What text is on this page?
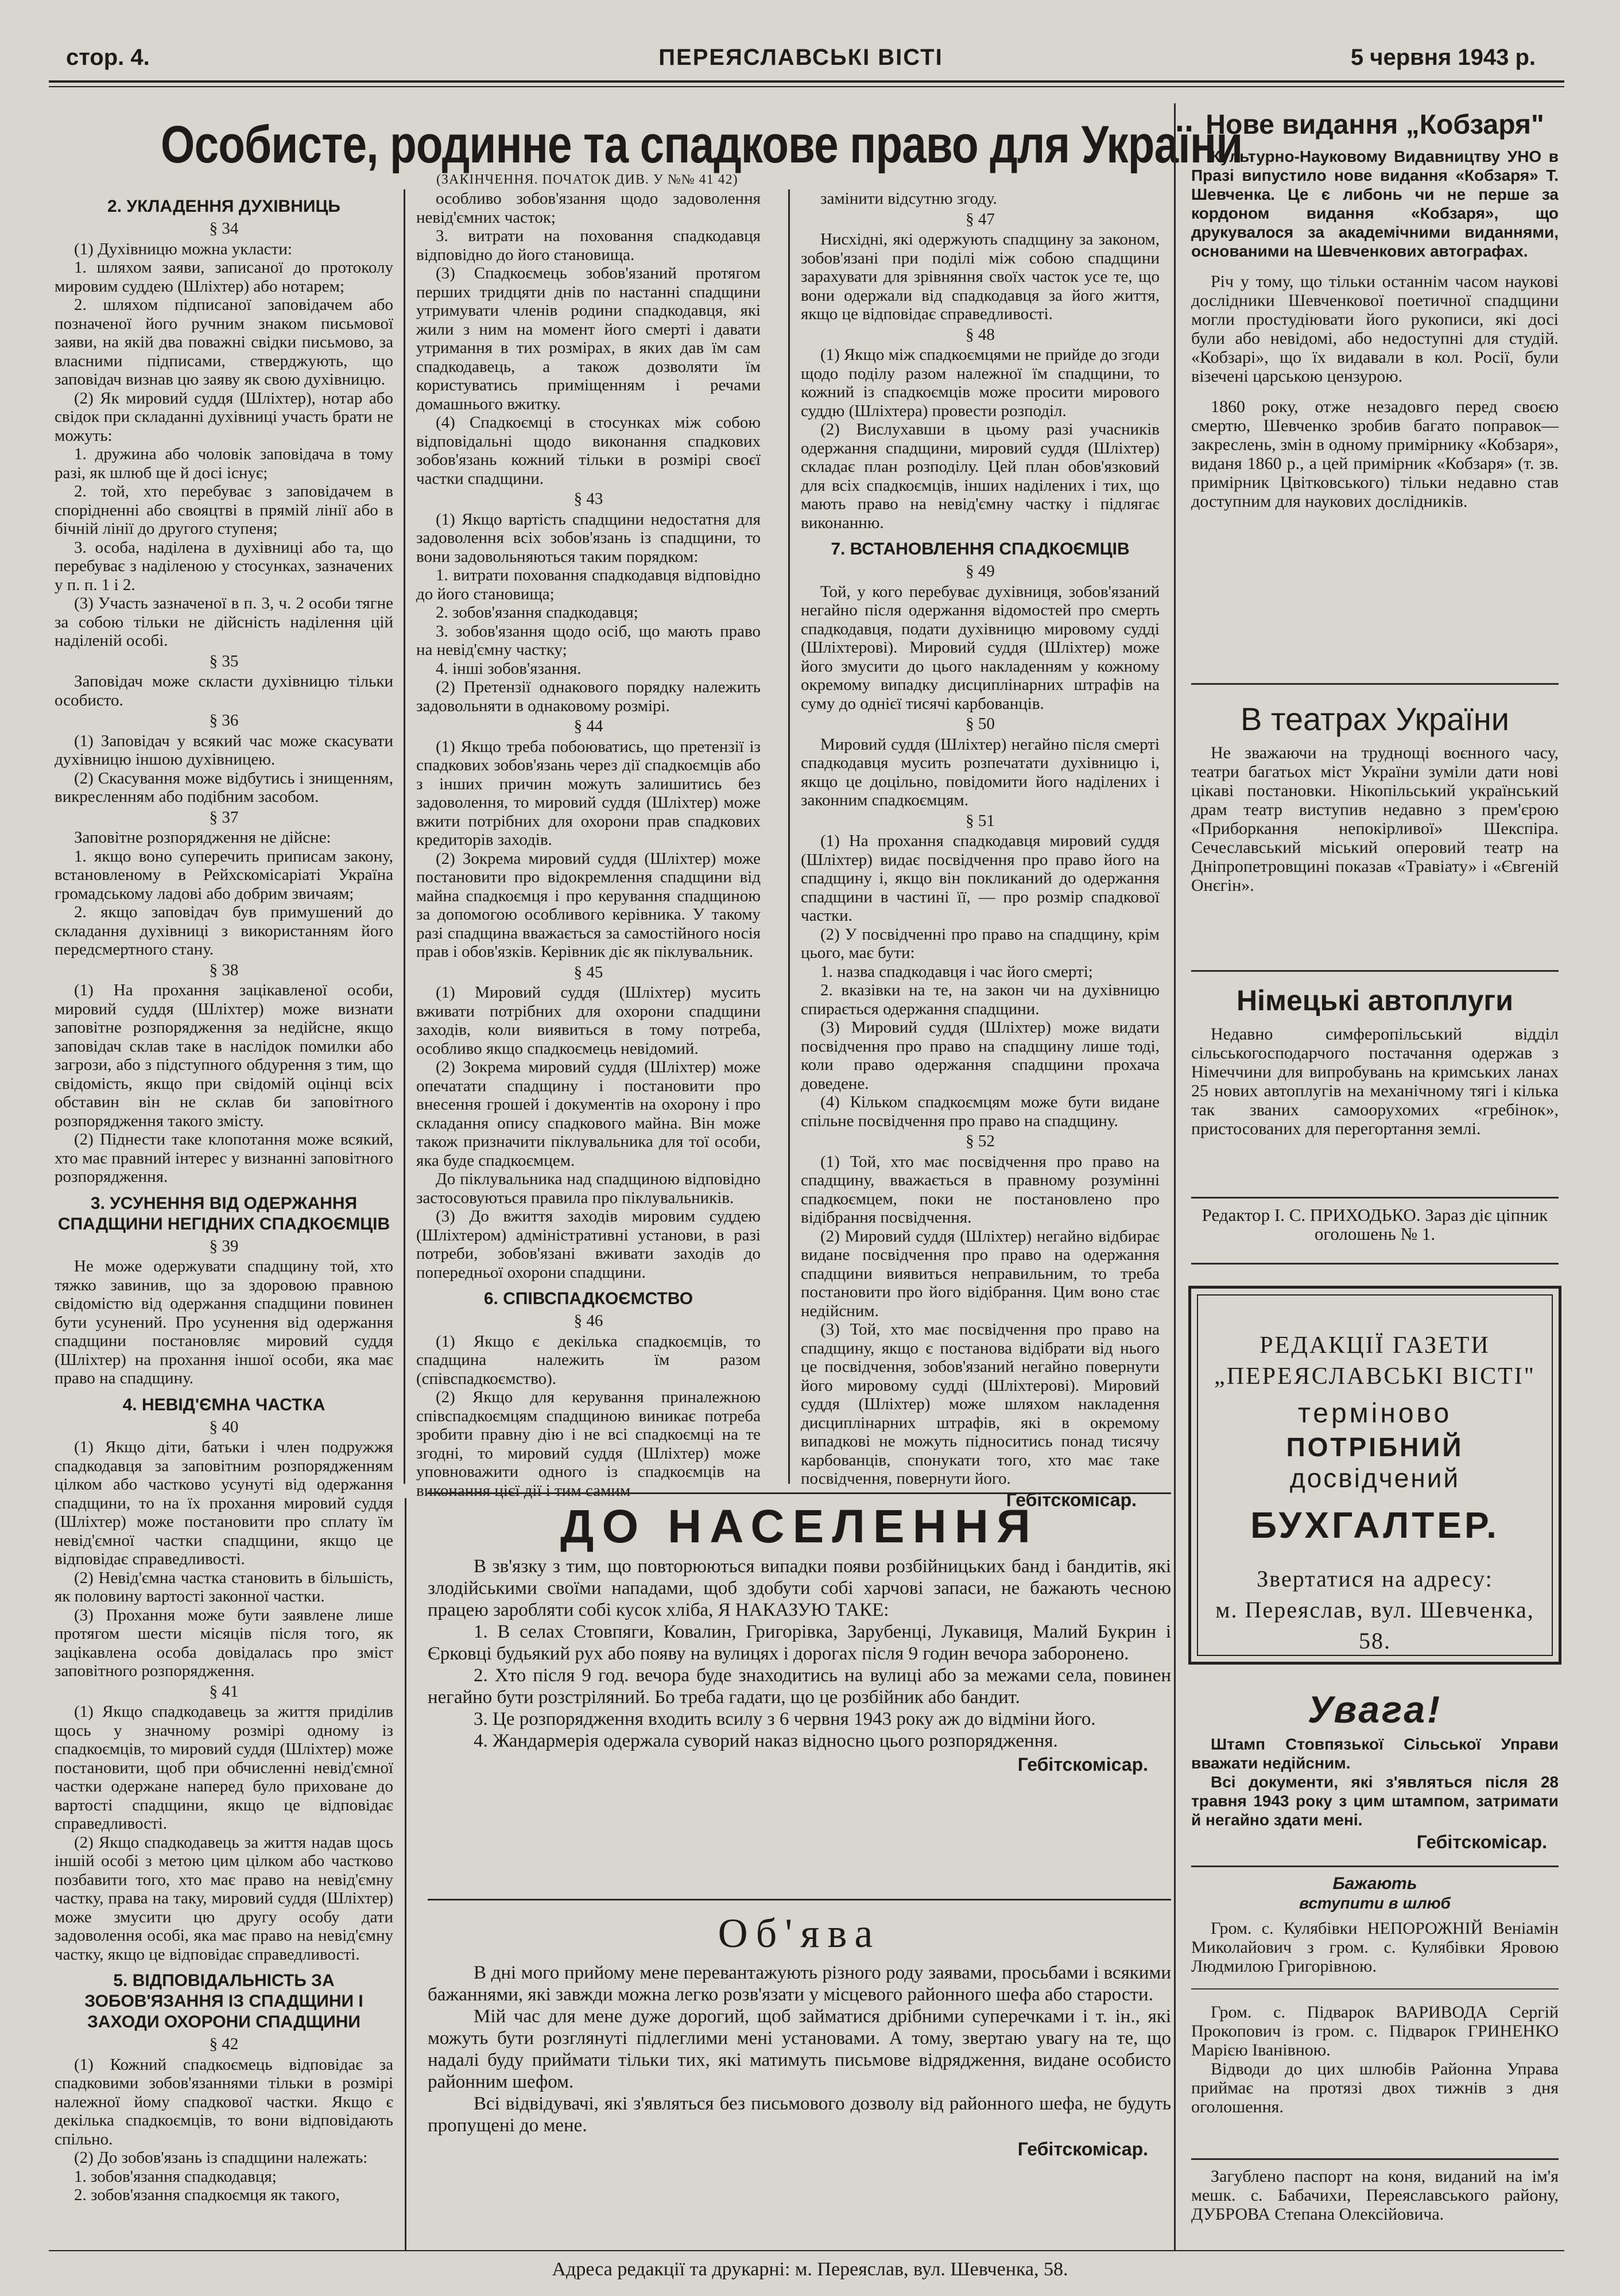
стор. 4.	ПЕРЕЯСЛАВСЬКІ ВІСТІ	5 червня 1943 р.
Особисте, родинне та спадкове право для України
(ЗАКІНЧЕННЯ. ПОЧАТОК ДИВ. У №№ 41 42)
2. УКЛАДЕННЯ ДУХІВНИЦЬ

§ 34

(1) Духівницю можна укласти:

1. шляхом заяви, записаної до протоколу мировим суддею (Шліхтер) або нотарем;

2. шляхом підписаної заповідачем або позначеної його ручним знаком письмової заяви, на якій два поважні свідки письмово, за власними підписами, стверджують, що заповідач визнав цю заяву як свою духівницю.

(2) Як мировий суддя (Шліхтер), нотар або свідок при складанні духівниці участь брати не можуть:

1. дружина або чоловік заповідача в тому разі, як шлюб ще й досі існує;

2. той, хто перебуває з заповідачем в спорідненні або свояцтві в прямій лінії або в бічній лінії до другого ступеня;

3. особа, наділена в духівниці або та, що перебуває з наділеною у стосунках, зазначених у п. п. 1 і 2.

(3) Участь зазначеної в п. 3, ч. 2 особи тягне за собою тільки не дійсність наділення цій наділеній особі.

§ 35

Заповідач може скласти духівницю тільки особисто.

§ 36

(1) Заповідач у всякий час може скасувати духівницю іншою духівницею.

(2) Скасування може відбутись і знищенням, викресленням або подібним засобом.

§ 37

Заповітне розпорядження не дійсне:

1. якщо воно суперечить приписам закону, встановленому в Рейхскомісаріаті Україна громадському ладові або добрим звичаям;

2. якщо заповідач був примушений до складання духівниці з використанням його передсмертного стану.

§ 38

(1) На прохання зацікавленої особи, мировий суддя (Шліхтер) може визнати заповітне розпорядження за недійсне, якщо заповідач склав таке в наслідок помилки або загрози, або з підступного обдурення з тим, що свідомість, якщо при свідомій оцінці всіх обставин він не склав би заповітного розпорядження такого змісту.

(2) Піднести таке клопотання може всякий, хто має правний інтерес у визнанні заповітного розпорядження.

3. УСУНЕННЯ ВІД ОДЕРЖАННЯ СПАДЩИНИ НЕГІДНИХ СПАДКОЄМЦІВ

§ 39

Не може одержувати спадщину той, хто тяжко завинив, що за здоровою правною свідомістю від одержання спадщини повинен бути усунений. Про усунення від одержання спадщини постановляє мировий суддя (Шліхтер) на прохання іншої особи, яка має право на спадщину.

4. НЕВІД'ЄМНА ЧАСТКА

§ 40

(1) Якщо діти, батьки і член подружжя спадкодавця за заповітним розпорядженням цілком або частково усунуті від одержання спадщини, то на їх прохання мировий суддя (Шліхтер) може постановити про сплату їм невід'ємної частки спадщини, якщо це відповідає справедливості.

(2) Невід'ємна частка становить в більшість, як половину вартості законної частки.

(3) Прохання може бути заявлене лише протягом шести місяців після того, як зацікавлена особа довідалась про зміст заповітного розпорядження.

§ 41

(1) Якщо спадкодавець за життя приділив щось у значному розмірі одному із спадкоємців, то мировий суддя (Шліхтер) може постановити, щоб при обчисленні невід'ємної частки одержане наперед було приховане до вартості спадщини, якщо це відповідає справедливості.

(2) Якщо спадкодавець за життя надав щось іншій особі з метою цим цілком або частково позбавити того, хто має право на невід'ємну частку, права на таку, мировий суддя (Шліхтер) може змусити цю другу особу дати задоволення особі, яка має право на невід'ємну частку, якщо це відповідає справедливості.

5. ВІДПОВІДАЛЬНІСТЬ ЗА ЗОБОВ'ЯЗАННЯ ІЗ СПАДЩИНИ І ЗАХОДИ ОХОРОНИ СПАДЩИНИ

§ 42

(1) Кожний спадкоємець відповідає за спадковими зобов'язаннями тільки в розмірі належної йому спадкової частки. Якщо є декілька спадкоємців, то вони відповідають спільно.

(2) До зобов'язань із спадщини належать:

1. зобов'язання спадкодавця;

2. зобов'язання спадкоємця як такого,

особливо зобов'язання щодо задоволення невід'ємних часток;

3. витрати на поховання спадкодавця відповідно до його становища.

(3) Спадкоємець зобов'язаний протягом перших тридцяти днів по настанні спадщини утримувати членів родини спадкодавця, які жили з ним на момент його смерті і давати утримання в тих розмірах, в яких дав їм сам спадкодавець, а також дозволяти їм користуватись приміщенням і речами домашнього вжитку.

(4) Спадкоємці в стосунках між собою відповідальні щодо виконання спадкових зобов'язань кожний тільки в розмірі своєї частки спадщини.

§ 43

(1) Якщо вартість спадщини недостатня для задоволення всіх зобов'язань із спадщини, то вони задовольняються таким порядком:

1. витрати поховання спадкодавця відповідно до його становища;

2. зобов'язання спадкодавця;

3. зобов'язання щодо осіб, що мають право на невід'ємну частку;

4. інші зобов'язання.

(2) Претензії однакового порядку належить задовольняти в однаковому розмірі.

§ 44

(1) Якщо треба побоюватись, що претензії із спадкових зобов'язань через дії спадкоємців або з інших причин можуть залишитись без задоволення, то мировий суддя (Шліхтер) може вжити потрібних для охорони прав спадкових кредиторів заходів.

(2) Зокрема мировий суддя (Шліхтер) може постановити про відокремлення спадщини від майна спадкоємця і про керування спадщиною за допомогою особливого керівника. У такому разі спадщина вважається за самостійного носія прав і обов'язків. Керівник діє як піклувальник.

§ 45

(1) Мировий суддя (Шліхтер) мусить вживати потрібних для охорони спадщини заходів, коли виявиться в тому потреба, особливо якщо спадкоємець невідомий.

(2) Зокрема мировий суддя (Шліхтер) може опечатати спадщину і постановити про внесення грошей і документів на охорону і про складання опису спадкового майна. Він може також призначити піклувальника для тої особи, яка буде спадкоємцем.

До піклувальника над спадщиною відповідно застосовуються правила про піклувальників.

(3) До вжиття заходів мировим суддею (Шліхтером) адміністративні установи, в разі потреби, зобов'язані вживати заходів до попередньої охорони спадщини.

6. СПІВСПАДКОЄМСТВО

§ 46

(1) Якщо є декілька спадкоємців, то спадщина належить їм разом (співспадкоємство).

(2) Якщо для керування приналежною співспадкоємцям спадщиною виникає потреба зробити правну дію і не всі спадкоємці на те згодні, то мировий суддя (Шліхтер) може уповноважити одного із спадкоємців на виконання цієї дії і тим самим

замінити відсутню згоду.

§ 47

Нисхідні, які одержують спадщину за законом, зобов'язані при поділі між собою спадщини зарахувати для зрівняння своїх часток усе те, що вони одержали від спадкодавця за його життя, якщо це відповідає справедливості.

§ 48

(1) Якщо між спадкоємцями не прийде до згоди щодо поділу разом належної їм спадщини, то кожний із спадкоємців може просити мирового суддю (Шліхтера) провести розподіл.

(2) Вислухавши в цьому разі учасників одержання спадщини, мировий суддя (Шліхтер) складає план розподілу. Цей план обов'язковий для всіх спадкоємців, інших наділених і тих, що мають право на невід'ємну частку і підлягає виконанню.

7. ВСТАНОВЛЕННЯ СПАДКОЄМЦІВ

§ 49

Той, у кого перебуває духівниця, зобов'язаний негайно після одержання відомостей про смерть спадкодавця, подати духівницю мировому судді (Шліхтерові). Мировий суддя (Шліхтер) може його змусити до цього накладенням у кожному окремому випадку дисциплінарних штрафів на суму до однієї тисячі карбованців.

§ 50

Мировий суддя (Шліхтер) негайно після смерті спадкодавця мусить розпечатати духівницю і, якщо це доцільно, повідомити його наділених і законним спадкоємцям.

§ 51

(1) На прохання спадкодавця мировий суддя (Шліхтер) видає посвідчення про право його на спадщину і, якщо він покликаний до одержання спадщини в частині її, — про розмір спадкової частки.

(2) У посвідченні про право на спадщину, крім цього, має бути:

1. назва спадкодавця і час його смерті;

2. вказівки на те, на закон чи на духівницю спирається одержання спадщини.

(3) Мировий суддя (Шліхтер) може видати посвідчення про право на спадщину лише тоді, коли право одержання спадщини прохача доведене.

(4) Кільком спадкоємцям може бути видане спільне посвідчення про право на спадщину.

§ 52

(1) Той, хто має посвідчення про право на спадщину, вважається в правному розумінні спадкоємцем, поки не постановлено про відібрання посвідчення.

(2) Мировий суддя (Шліхтер) негайно відбирає видане посвідчення про право на одержання спадщини виявиться неправильним, то треба постановити про його відібрання. Цим воно стає недійсним.

(3) Той, хто має посвідчення про право на спадщину, якщо є постанова відібрати від нього це посвідчення, зобов'язаний негайно повернути його мировому судді (Шліхтерові). Мировий суддя (Шліхтер) може шляхом накладення дисциплінарних штрафів, які в окремому випадкові не можуть підноситись понад тисячу карбованців, спонукати того, хто має таке посвідчення, повернути його.

Гебітскомісар.
ДО НАСЕЛЕННЯ

В зв'язку з тим, що повторюються випадки появи розбійницьких банд і бандитів, які злодійськими своїми нападами, щоб здобути собі харчові запаси, не бажають чесною працею заробляти собі кусок хліба, Я НАКАЗУЮ ТАКЕ:

1. В селах Стовпяги, Ковалин, Григорівка, Зарубенці, Лукавиця, Малий Букрин і Єрковці будьякий рух або появу на вулицях і дорогах після 9 годин вечора заборонено.

2. Хто після 9 год. вечора буде знаходитись на вулиці або за межами села, повинен негайно бути розстріляний. Бо треба гадати, що це розбійник або бандит.

3. Це розпорядження входить всилу з 6 червня 1943 року аж до відміни його.

4. Жандармерія одержала суворий наказ відносно цього розпорядження.

Гебітскомісар.
Об'ява

В дні мого прийому мене перевантажують різного роду заявами, просьбами і всякими бажаннями, які завжди можна легко розв'язати у місцевого районного шефа або старости.

Мій час для мене дуже дорогий, щоб займатися дрібними суперечками і т. ін., які можуть бути розглянуті підлеглими мені установами. А тому, звертаю увагу на те, що надалі буду приймати тільки тих, які матимуть письмове відрядження, видане особисто районним шефом.

Всі відвідувачі, які з'являться без письмового дозволу від районного шефа, не будуть пропущені до мене.

Гебітскомісар.

Нове видання „Кобзаря"

Культурно-Науковому Видавництву УНО в Празі випустило нове видання «Кобзаря» Т. Шевченка. Це є либонь чи не перше за кордоном видання «Кобзаря», що друкувалося за академічними виданнями, основаними на Шевченкових автографах.

Річ у тому, що тільки останнім часом наукові дослідники Шевченкової поетичної спадщини могли простудіювати його рукописи, які досі були або невідомі, або недоступні для студій. «Кобзарі», що їх видавали в кол. Росії, були візечені царською цензурою.

1860 року, отже незадовго перед своєю смертю, Шевченко зробив багато поправок—закреслень, змін в одному примірнику «Кобзаря», виданя 1860 р., а цей примірник «Кобзаря» (т. зв. примірник Цвітковського) тільки недавно став доступним для наукових дослідників.

В театрах України

Не зважаючи на труднощі воєнного часу, театри багатьох міст України зуміли дати нові цікаві постановки. Нікопільський український драм театр виступив недавно з прем'єрою «Приборкання непокірливої» Шекспіра. Сечеславський міський оперовий театр на Дніпропетровщині показав «Травіату» і «Євгеній Онєгін».

Німецькі автоплуги

Недавно симферопільський відділ сільськогосподарчого постачання одержав з Німеччини для випробувань на кримських ланах 25 нових автоплугів на механічному тягі і кілька так званих самоорухомих «гребінок», пристосованих для перегортання землі.

Редактор І. С. ПРИХОДЬКО. Зараз діє ціпник оголошень № 1.

РЕДАКЦІЇ ГАЗЕТИ
„ПЕРЕЯСЛАВСЬКІ ВІСТІ"
терміново
ПОТРІБНИЙ
досвідчений
БУХГАЛТЕР.
Звертатися на адресу:
м. Переяслав, вул. Шевченка, 58.

Увага!

Штамп Стовпязької Сільської Управи вважати недійсним.

Всі документи, які з'являться після 28 травня 1943 року з цим штампом, затримати й негайно здати мені.

Гебітскомісар.

Бажають

вступити в шлюб

Гром. с. Кулябівки НЕПОРОЖНІЙ Веніамін Миколайович з гром. с. Кулябівки Яровою Людмилою Григорівною.

Гром. с. Підварок ВАРИВОДА Сергій Прокопович із гром. с. Підварок ГРИНЕНКО Марією Іванівною.

Відводи до цих шлюбів Районна Управа приймає на протязі двох тижнів з дня оголошення.

Загублено паспорт на коня, виданий на ім'я мешк. с. Бабачихи, Переяславського району, ДУБРОВА Степана Олексійовича.

Адреса редакції та друкарні: м. Переяслав, вул. Шевченка, 58.
